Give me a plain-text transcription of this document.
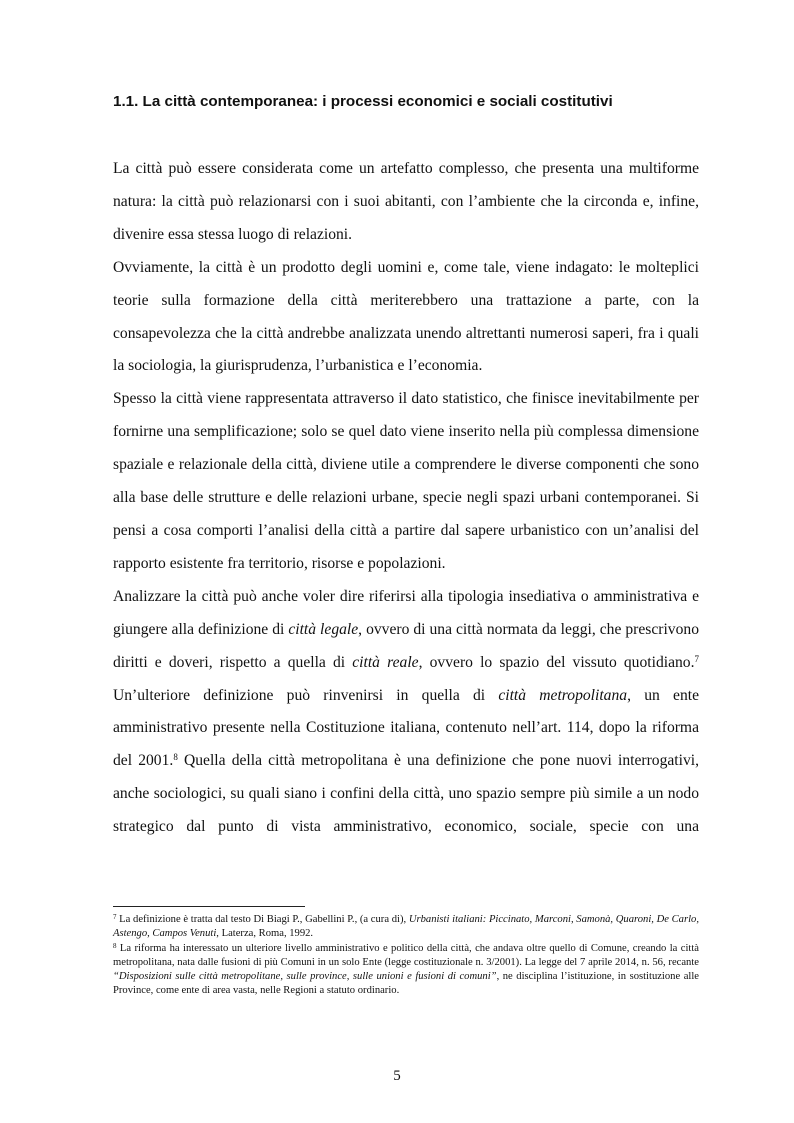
1.1. La città contemporanea: i processi economici e sociali costitutivi

La città può essere considerata come un artefatto complesso, che presenta una multiforme natura: la città può relazionarsi con i suoi abitanti, con l’ambiente che la circonda e, infine, divenire essa stessa luogo di relazioni.

Ovviamente, la città è un prodotto degli uomini e, come tale, viene indagato: le molteplici teorie sulla formazione della città meriterebbero una trattazione a parte, con la consapevolezza che la città andrebbe analizzata unendo altrettanti numerosi saperi, fra i quali la sociologia, la giurisprudenza, l’urbanistica e l’economia.

Spesso la città viene rappresentata attraverso il dato statistico, che finisce inevitabilmente per fornirne una semplificazione; solo se quel dato viene inserito nella più complessa dimensione spaziale e relazionale della città, diviene utile a comprendere le diverse componenti che sono alla base delle strutture e delle relazioni urbane, specie negli spazi urbani contemporanei. Si pensi a cosa comporti l’analisi della città a partire dal sapere urbanistico con un’analisi del rapporto esistente fra territorio, risorse e popolazioni.

Analizzare la città può anche voler dire riferirsi alla tipologia insediativa o amministrativa e giungere alla definizione di città legale, ovvero di una città normata da leggi, che prescrivono diritti e doveri, rispetto a quella di città reale, ovvero lo spazio del vissuto quotidiano.$^7$ Un’ulteriore definizione può rinvenirsi in quella di città metropolitana, un ente amministrativo presente nella Costituzione italiana, contenuto nell’art. 114, dopo la riforma del 2001.$^8$ Quella della città metropolitana è una definizione che pone nuovi interrogativi, anche sociologici, su quali siano i confini della città, uno spazio sempre più simile a un nodo strategico dal punto di vista amministrativo, economico, sociale, specie con una

$^7$ La definizione è tratta dal testo Di Biagi P., Gabellini P., (a cura di), Urbanisti italiani: Piccinato, Marconi, Samonà, Quaroni, De Carlo, Astengo, Campos Venuti, Laterza, Roma, 1992.

$^8$ La riforma ha interessato un ulteriore livello amministrativo e politico della città, che andava oltre quello di Comune, creando la città metropolitana, nata dalle fusioni di più Comuni in un solo Ente (legge costituzionale n. 3/2001). La legge del 7 aprile 2014, n. 56, recante “Disposizioni sulle città metropolitane, sulle province, sulle unioni e fusioni di comuni”, ne disciplina l’istituzione, in sostituzione alle Province, come ente di area vasta, nelle Regioni a statuto ordinario.

5
